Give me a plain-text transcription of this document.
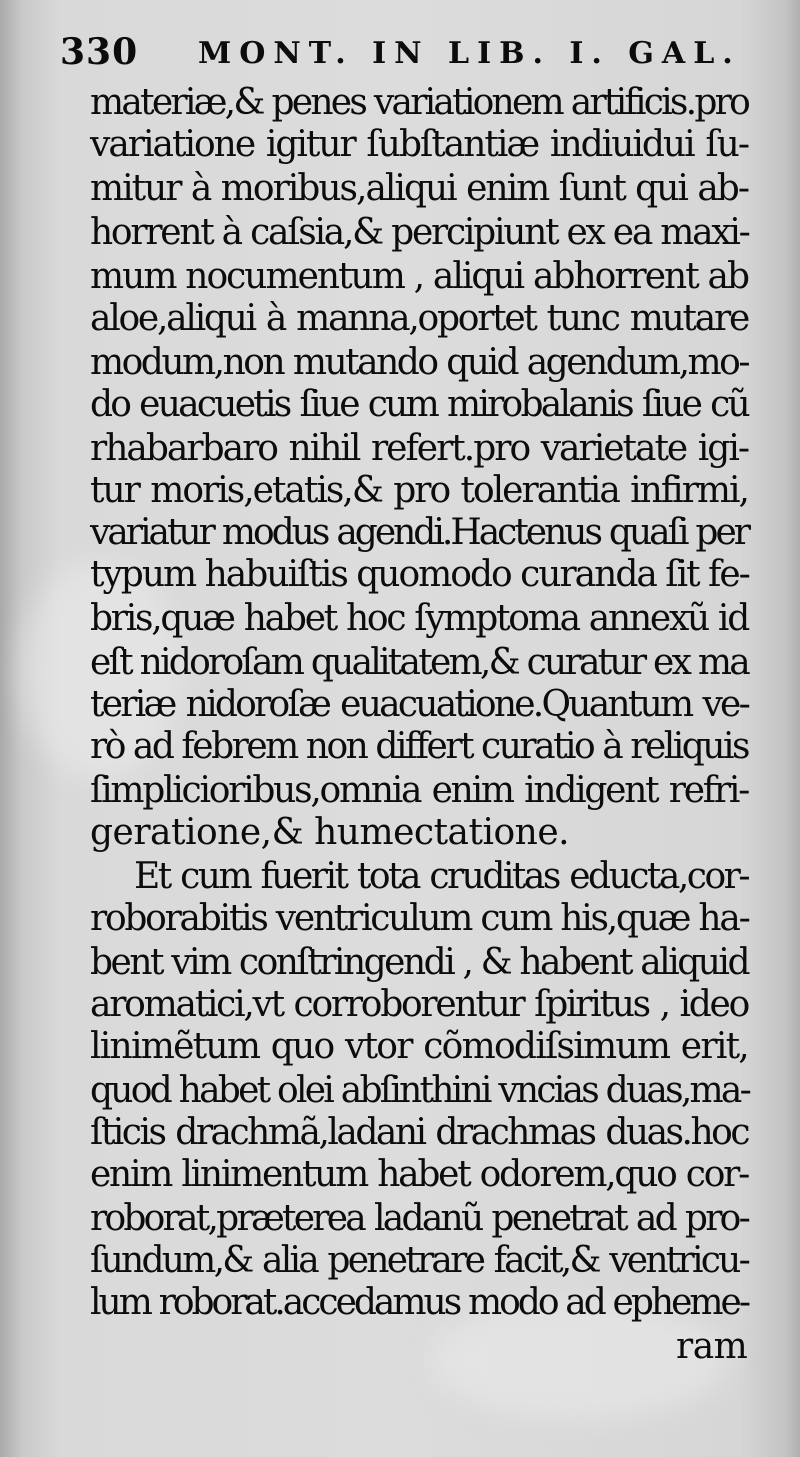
330 MONT. IN LIB. I. GAL.
materiæ,& penes variationem artificis.pro
variatione igitur ſubſtantiæ indiuidui ſu-
mitur à moribus,aliqui enim ſunt qui ab-
horrent à caſsia,& percipiunt ex ea maxi-
mum nocumentum , aliqui abhorrent ab
aloe,aliqui à manna,oportet tunc mutare
modum,non mutando quid agendum,mo-
do euacuetis ſiue cum mirobalanis ſiue cũ
rhabarbaro nihil refert.pro varietate igi-
tur moris,etatis,& pro tolerantia infirmi,
variatur modus agendi.Hactenus quaſi per
typum habuiſtis quomodo curanda ſit fe-
bris,quæ habet hoc ſymptoma annexũ id
eſt nidoroſam qualitatem,& curatur ex ma
teriæ nidoroſæ euacuatione.Quantum ve-
rò ad febrem non differt curatio à reliquis
ſimplicioribus,omnia enim indigent refri-
geratione,& humectatione.
Et cum fuerit tota cruditas educta,cor-
roborabitis ventriculum cum his,quæ ha-
bent vim conſtringendi , & habent aliquid
aromatici,vt corroborentur ſpiritus , ideo
linimẽtum quo vtor cõmodiſsimum erit,
quod habet olei abſinthini vncias duas,ma-
ſticis drachmã,ladani drachmas duas.hoc
enim linimentum habet odorem,quo cor-
roborat,præterea ladanũ penetrat ad pro-
ſundum,& alia penetrare facit,& ventricu-
lum roborat.accedamus modo ad epheme-
ram
